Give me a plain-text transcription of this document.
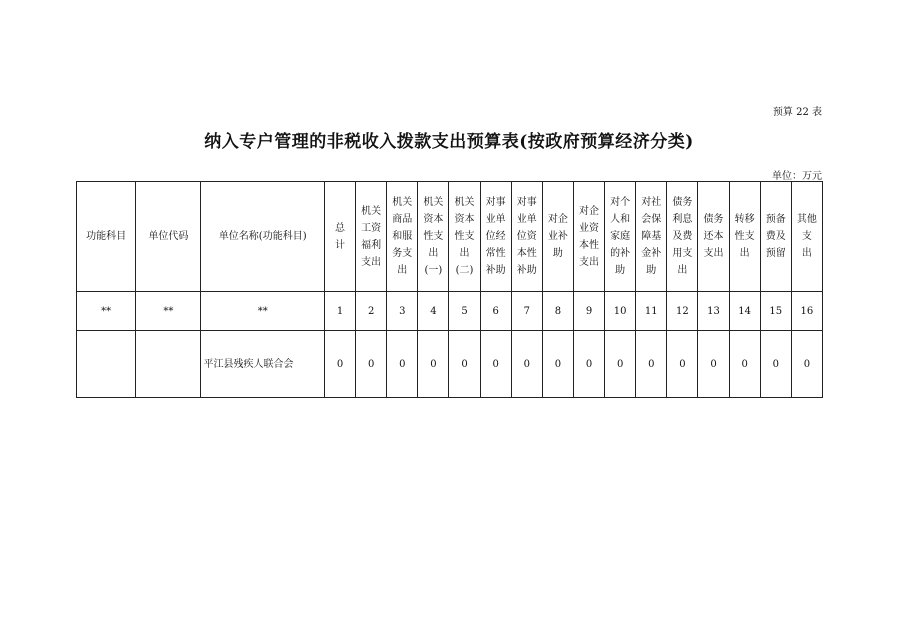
预算 22 表
纳入专户管理的非税收入拨款支出预算表(按政府预算经济分类)
单位：万元
功能科目	单位代码	单位名称(功能科目)	总
计	机关
工资
福利
支出	机关
商品
和服
务支
出	机关
资本
性支
出
(一)	机关
资本
性支
出
(二)	对事
业单
位经
常性
补助	对事
业单
位资
本性
补助	对企
业补
助	对企
业资
本性
支出	对个
人和
家庭
的补
助	对社
会保
障基
金补
助	债务
利息
及费
用支
出	债务
还本
支出	转移
性支
出	预备
费及
预留	其他支
出

**	**	**	1	2	3	4	5	6	7	8	9	10	11	12	13	14	15	16
		平江县残疾人联合会	0	0	0	0	0	0	0	0	0	0	0	0	0	0	0	0
